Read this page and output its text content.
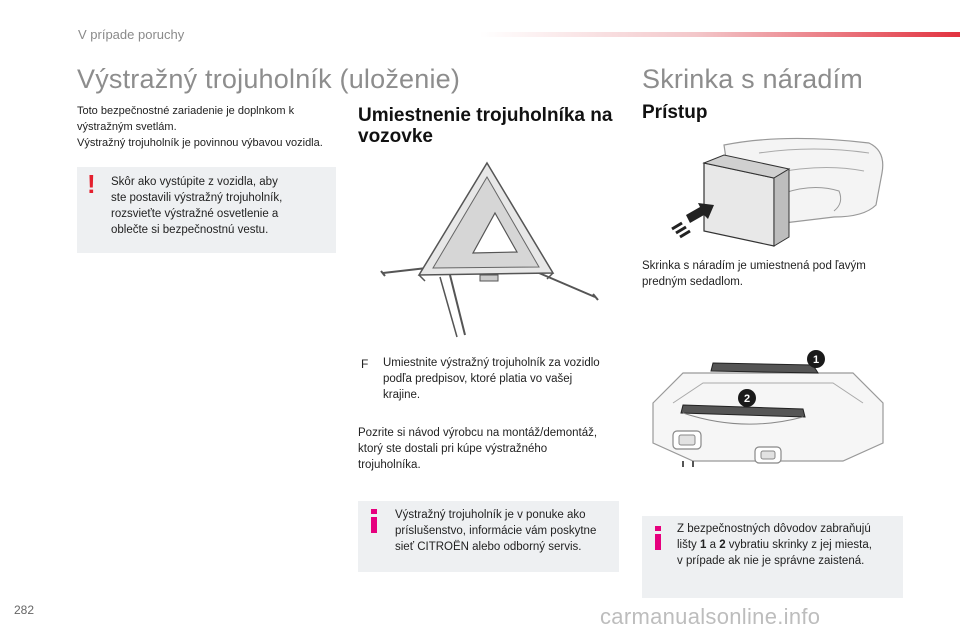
V prípade poruchy
Výstražný trojuholník (uloženie)
Toto bezpečnostné zariadenie je doplnkom k
výstražným svetlám.
Výstražný trojuholník je povinnou výbavou vozidla.
! Skôr ako vystúpite z vozidla, aby
ste postavili výstražný trojuholník,
rozsvieťte výstražné osvetlenie a
oblečte si bezpečnostnú vestu.
Umiestnenie trojuholníka na
vozovke
F Umiestnite výstražný trojuholník za vozidlo
podľa predpisov, ktoré platia vo vašej
krajine.
Pozrite si návod výrobcu na montáž/demontáž,
ktorý ste dostali pri kúpe výstražného
trojuholníka.
Výstražný trojuholník je v ponuke ako
príslušenstvo, informácie vám poskytne
sieť CITROËN alebo odborný servis.
Skrinka s náradím
Prístup
Skrinka s náradím je umiestnená pod ľavým
predným sedadlom.
1
2
Z bezpečnostných dôvodov zabraňujú
lišty 1 a 2 vybratiu skrinky z jej miesta,
v prípade ak nie je správne zaistená.
282	carmanualsonline.info
